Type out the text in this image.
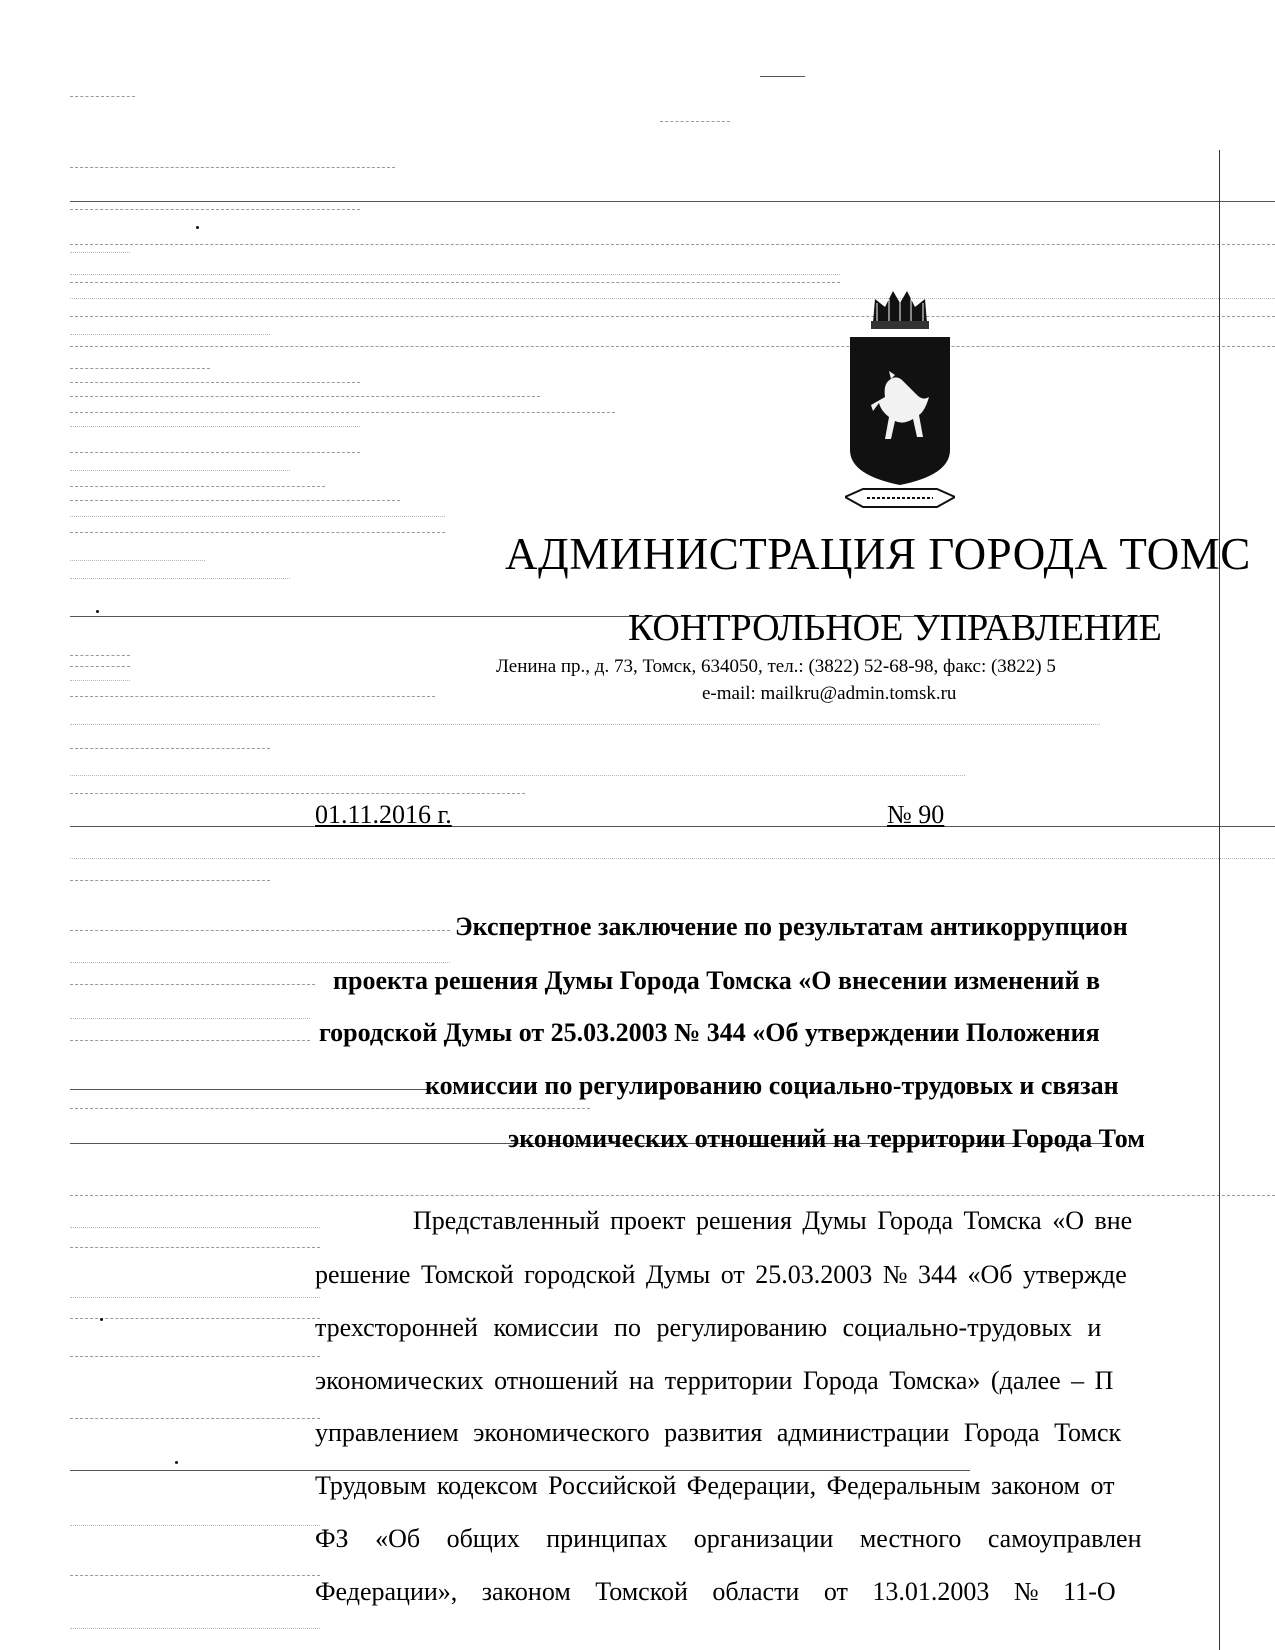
АДМИНИСТРАЦИЯ ГОРОДА ТОМС
КОНТРОЛЬНОЕ УПРАВЛЕНИЕ
Ленина пр., д. 73, Томск, 634050, тел.: (3822) 52-68-98, факс: (3822) 5
e-mail: mailkru@admin.tomsk.ru
01.11.2016 г.	№ 90
Экспертное заключение по результатам антикоррупцион
проекта решения Думы Города Томска «О внесении изменений в
городской Думы от 25.03.2003 № 344 «Об утверждении Положения
комиссии по регулированию социально-трудовых и связан
экономических отношений на территории Города Том
Представленный проект решения Думы Города Томска «О вне
решение Томской городской Думы от 25.03.2003 № 344 «Об утвержде
трехсторонней комиссии по регулированию социально-трудовых и
экономических отношений на территории Города Томска» (далее – П
управлением экономического развития администрации Города Томск
Трудовым кодексом Российской Федерации, Федеральным законом от
ФЗ «Об общих принципах организации местного самоуправлен
Федерации», законом Томской области от 13.01.2003 № 11-О
